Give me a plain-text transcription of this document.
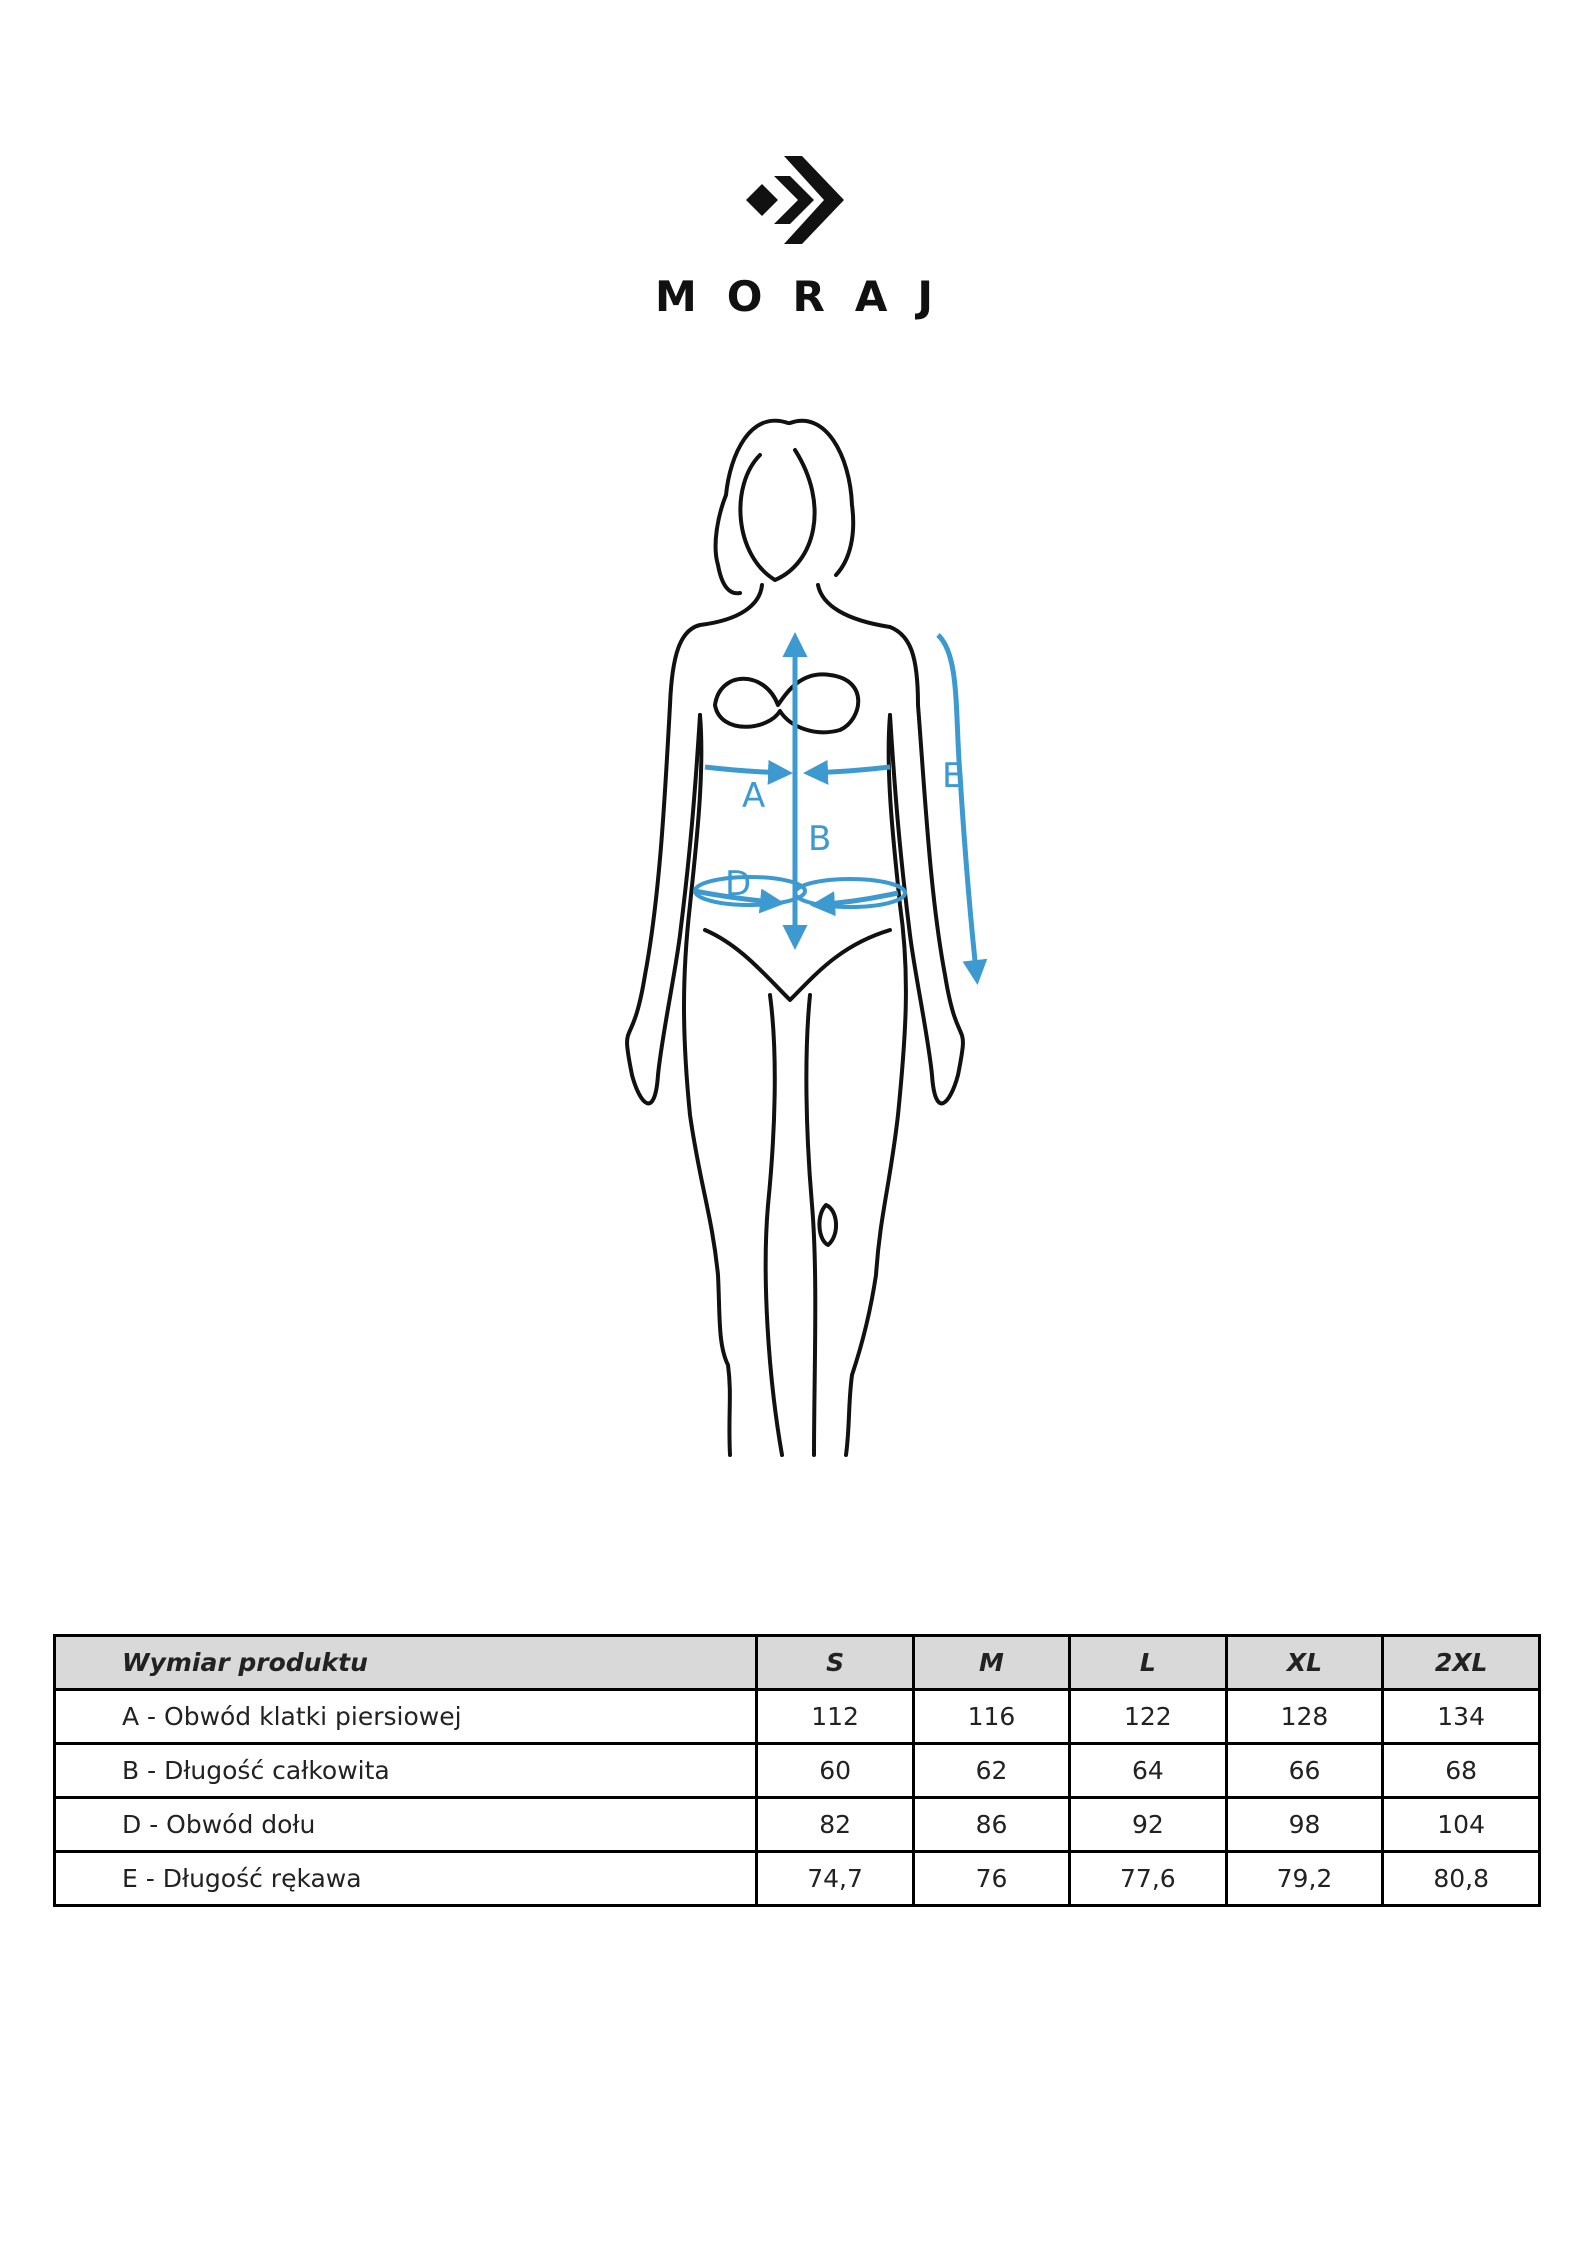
MORAJ
A
B
D
E
Wymiar produktu	S	M	L	XL	2XL
A - Obwód klatki piersiowej	112	116	122	128	134
B - Długość całkowita	60	62	64	66	68
D - Obwód dołu	82	86	92	98	104
E - Długość rękawa	74,7	76	77,6	79,2	80,8
